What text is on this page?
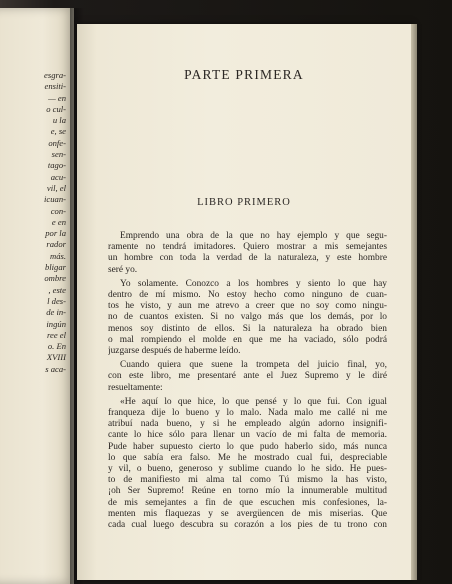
esgra-
ensiti-
— en
o cul-
u la
e, se
onfe-
sen-
tago-
acu-
vil, el
icuan-
con-
e en
por la
rador
más.
bligar
ombre
, este
l des-
de in-
ingún
ree el
o. En
XVIII
s aca-
PARTE PRIMERA
LIBRO PRIMERO
Emprendo una obra de la que no hay ejemplo y que segu-
ramente no tendrá imitadores. Quiero mostrar a mis semejantes
un hombre con toda la verdad de la naturaleza, y este hombre
seré yo.
Yo solamente. Conozco a los hombres y siento lo que hay
dentro de mí mismo. No estoy hecho como ninguno de cuan-
tos he visto, y aun me atrevo a creer que no soy como ningu-
no de cuantos existen. Si no valgo más que los demás, por lo
menos soy distinto de ellos. Si la naturaleza ha obrado bien
o mal rompiendo el molde en que me ha vaciado, sólo podrá
juzgarse después de haberme leído.
Cuando quiera que suene la trompeta del juicio final, yo,
con este libro, me presentaré ante el Juez Supremo y le diré
resueltamente:
«He aquí lo que hice, lo que pensé y lo que fui. Con igual
franqueza dije lo bueno y lo malo. Nada malo me callé ni me
atribuí nada bueno, y si he empleado algún adorno insignifi-
cante lo hice sólo para llenar un vacío de mi falta de memoria.
Pude haber supuesto cierto lo que pudo haberlo sido, más nunca
lo que sabía era falso. Me he mostrado cual fui, despreciable
y vil, o bueno, generoso y sublime cuando lo he sido. He pues-
to de manifiesto mi alma tal como Tú mismo la has visto,
¡oh Ser Supremo! Reúne en torno mío la innumerable multitud
de mis semejantes a fin de que escuchen mis confesiones, la-
menten mis flaquezas y se avergüencen de mis miserias. Que
cada cual luego descubra su corazón a los pies de tu trono con
